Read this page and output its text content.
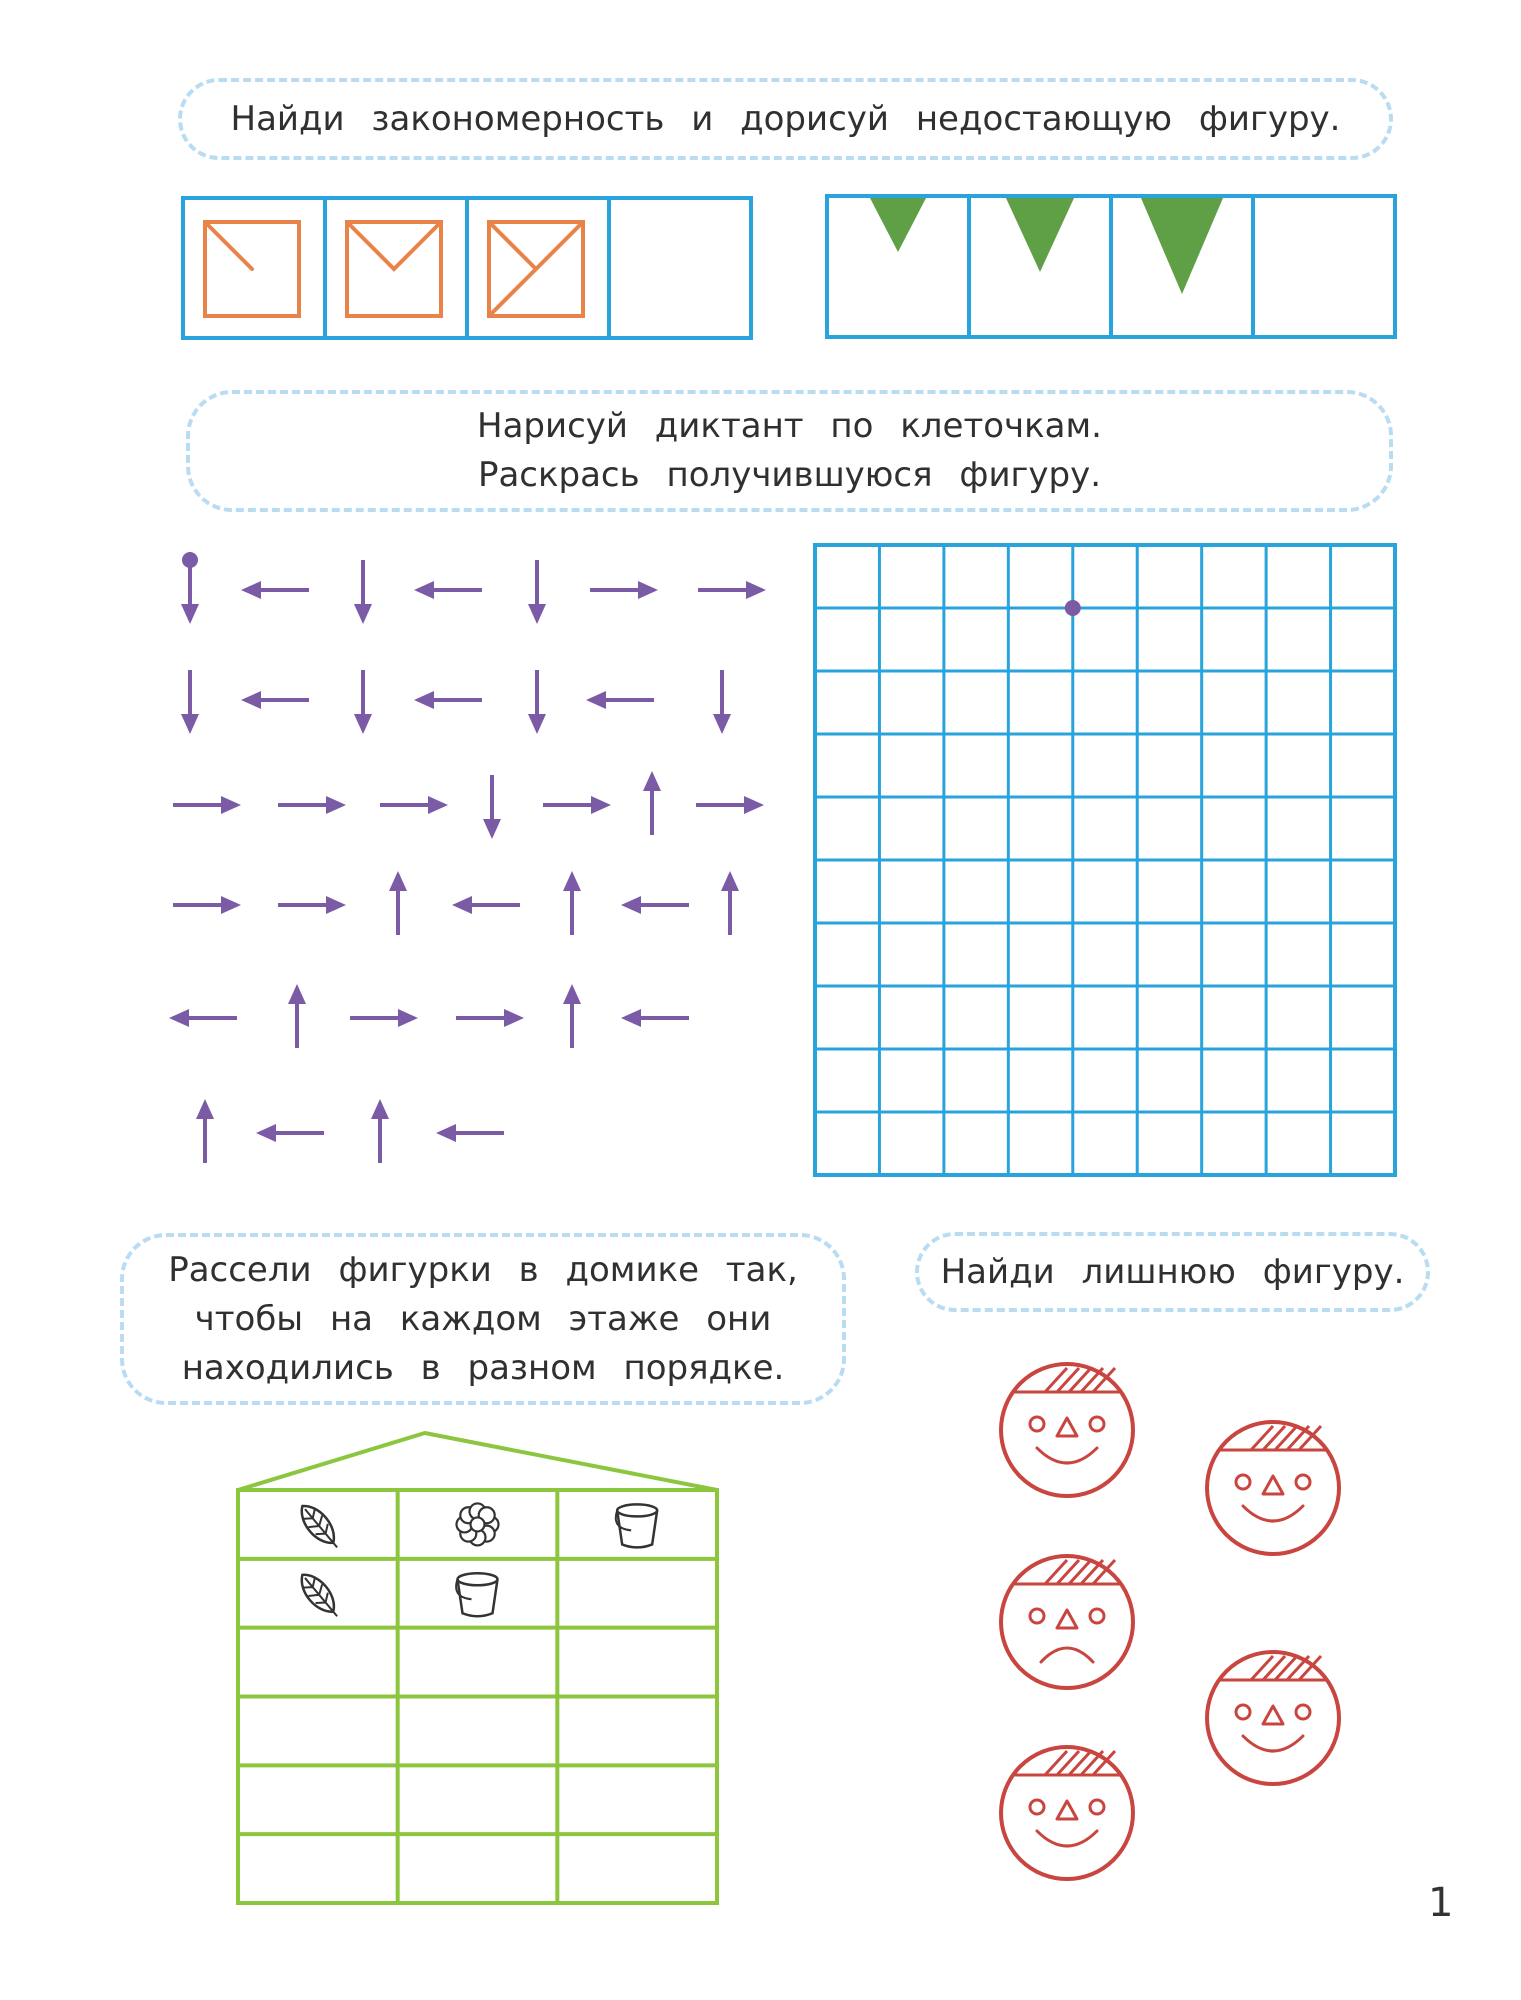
Найди закономерность и дорисуй недостающую фигуру.
Нарисуй диктант по клеточкам.
Раскрась получившуюся фигуру.
Рассели фигурки в домике так,
чтобы на каждом этаже они
находились в разном порядке.
Найди лишнюю фигуру.
1
